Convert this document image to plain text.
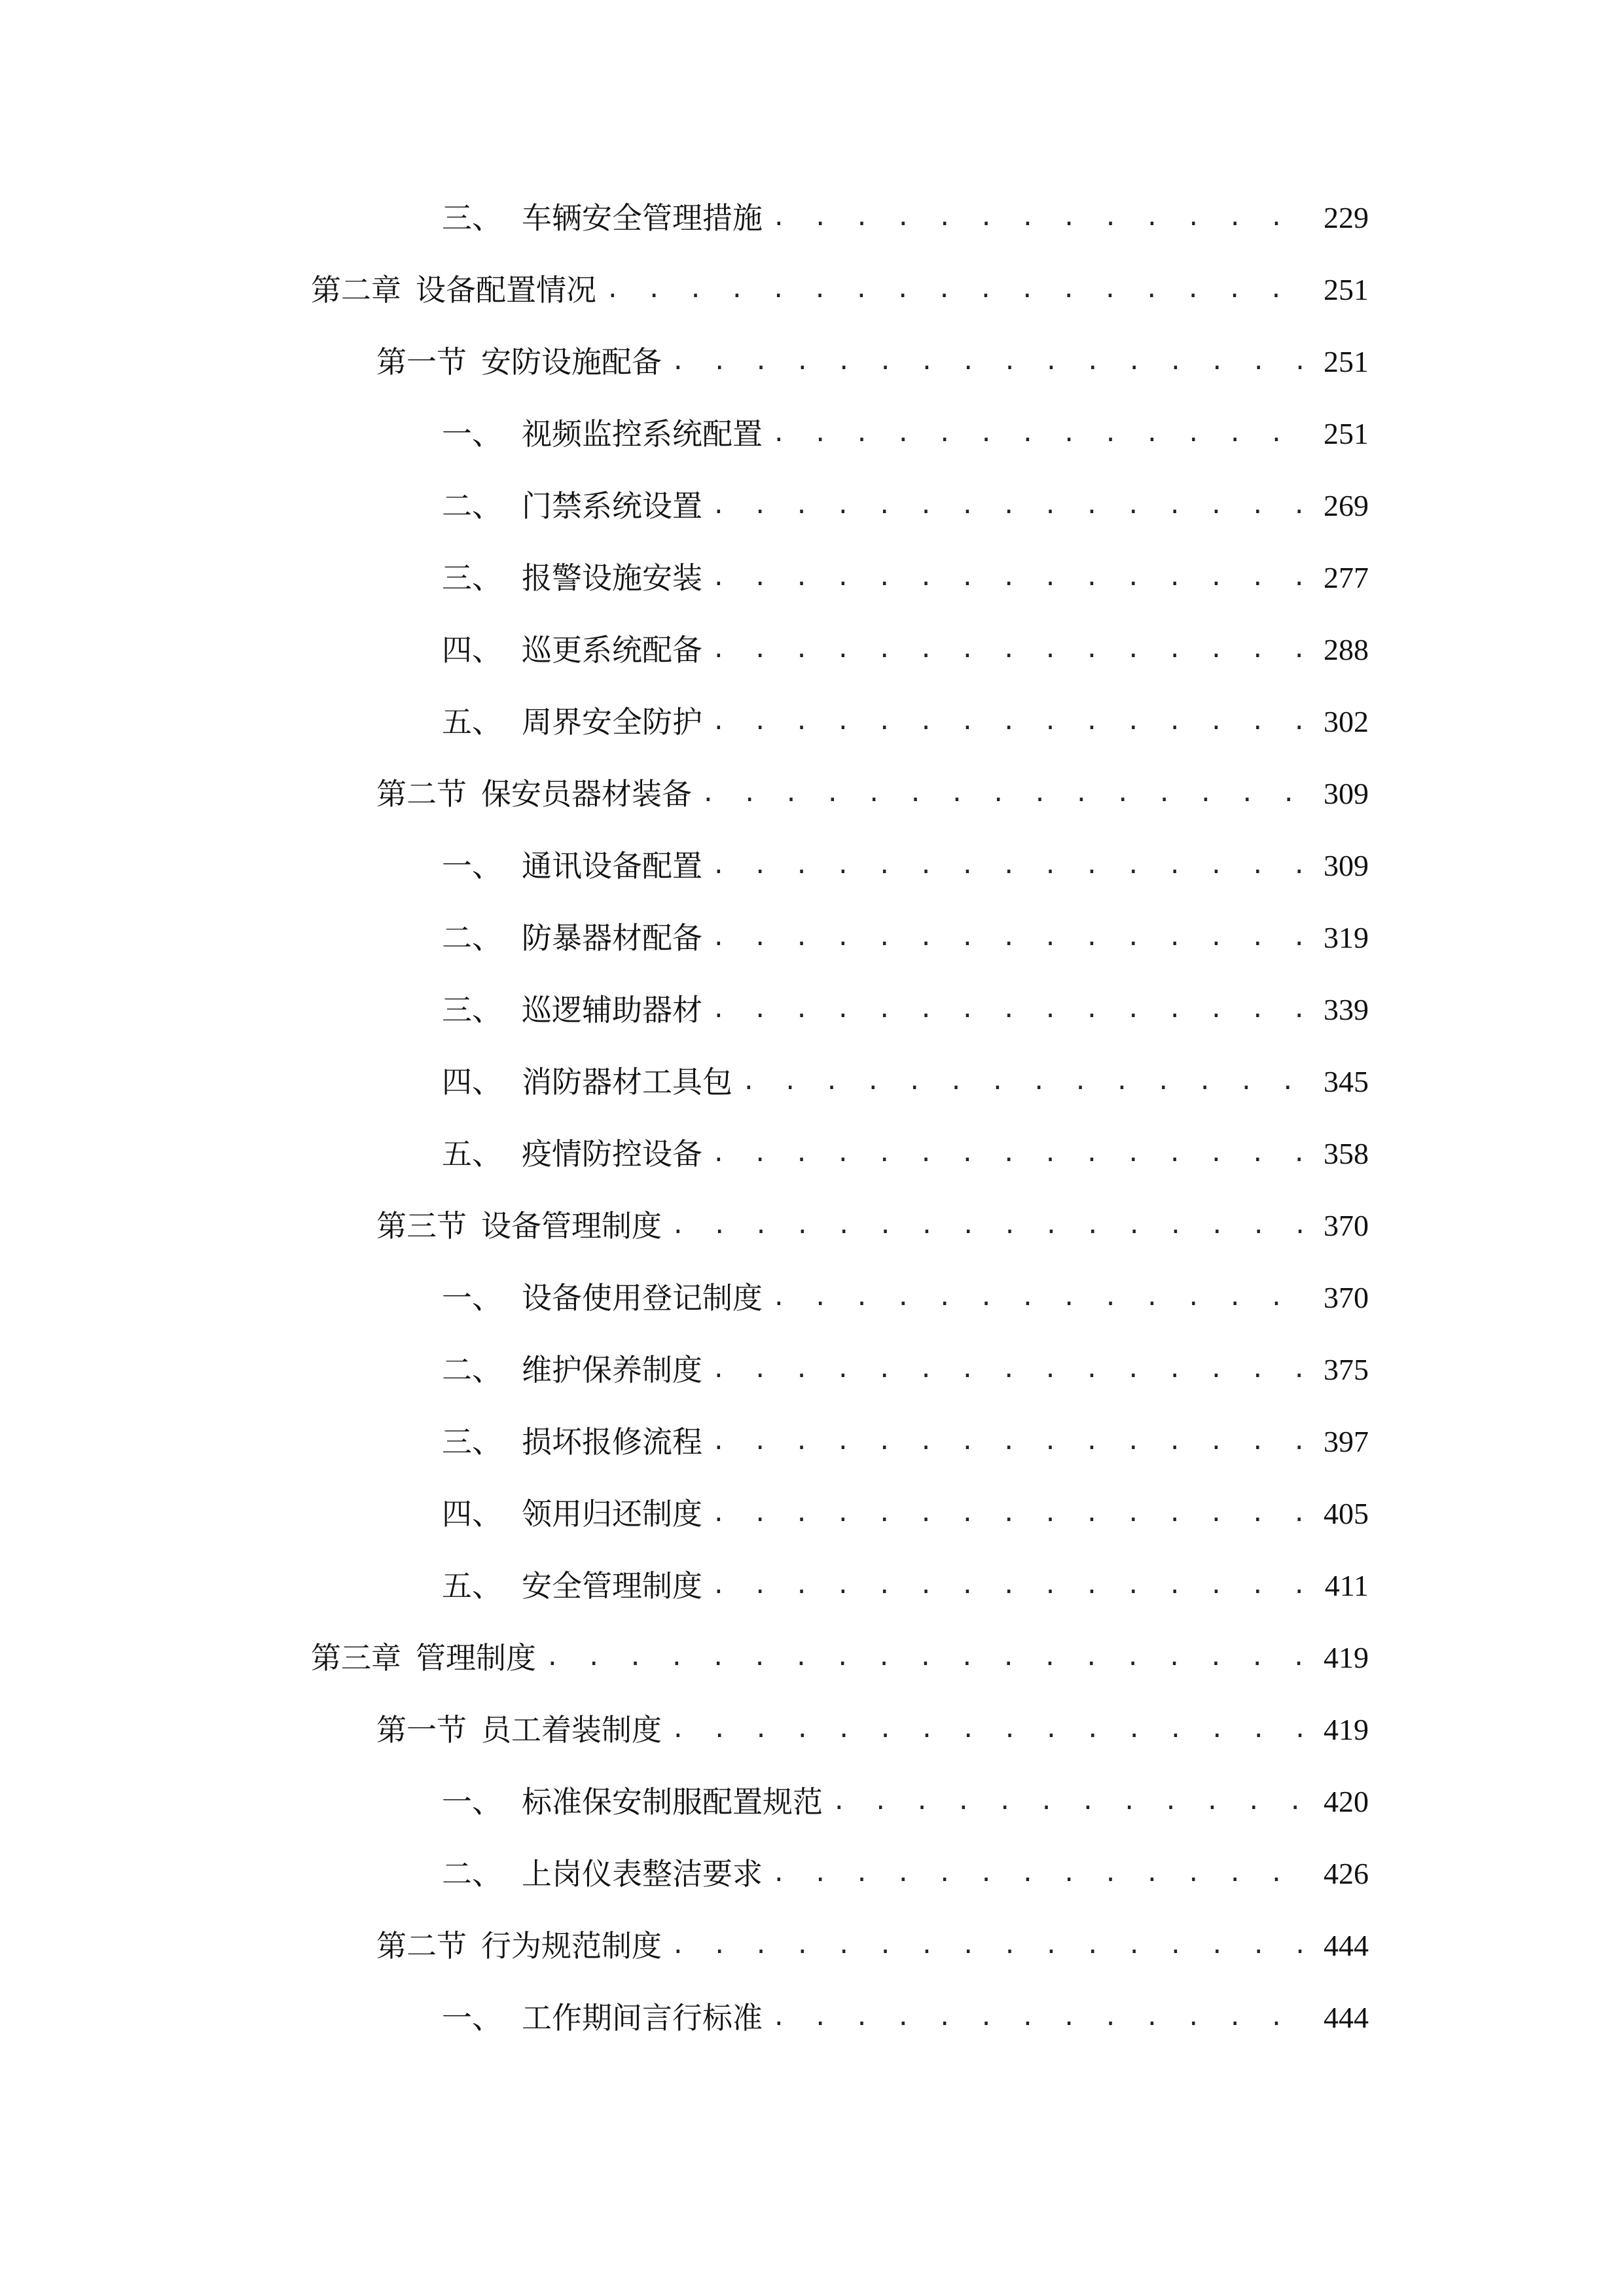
三、 车辆安全管理措施 . . .	229
第二章 设备配置情况 . . .	251
第一节 安防设施配备 . . .	251
一、 视频监控系统配置 . . .	251
二、 门禁系统设置 . . .	269
三、 报警设施安装 . . .	277
四、 巡更系统配备 . . .	288
五、 周界安全防护 . . .	302
第二节 保安员器材装备 . . .	309
一、 通讯设备配置 . . .	309
二、 防暴器材配备 . . .	319
三、 巡逻辅助器材 . . .	339
四、 消防器材工具包 . . .	345
五、 疫情防控设备 . . .	358
第三节 设备管理制度 . . .	370
一、 设备使用登记制度 . . .	370
二、 维护保养制度 . . .	375
三、 损坏报修流程 . . .	397
四、 领用归还制度 . . .	405
五、 安全管理制度 . . .	411
第三章 管理制度 . . .	419
第一节 员工着装制度 . . .	419
一、 标准保安制服配置规范 . . .	420
二、 上岗仪表整洁要求 . . .	426
第二节 行为规范制度 . . .	444
一、 工作期间言行标准 . . .	444
